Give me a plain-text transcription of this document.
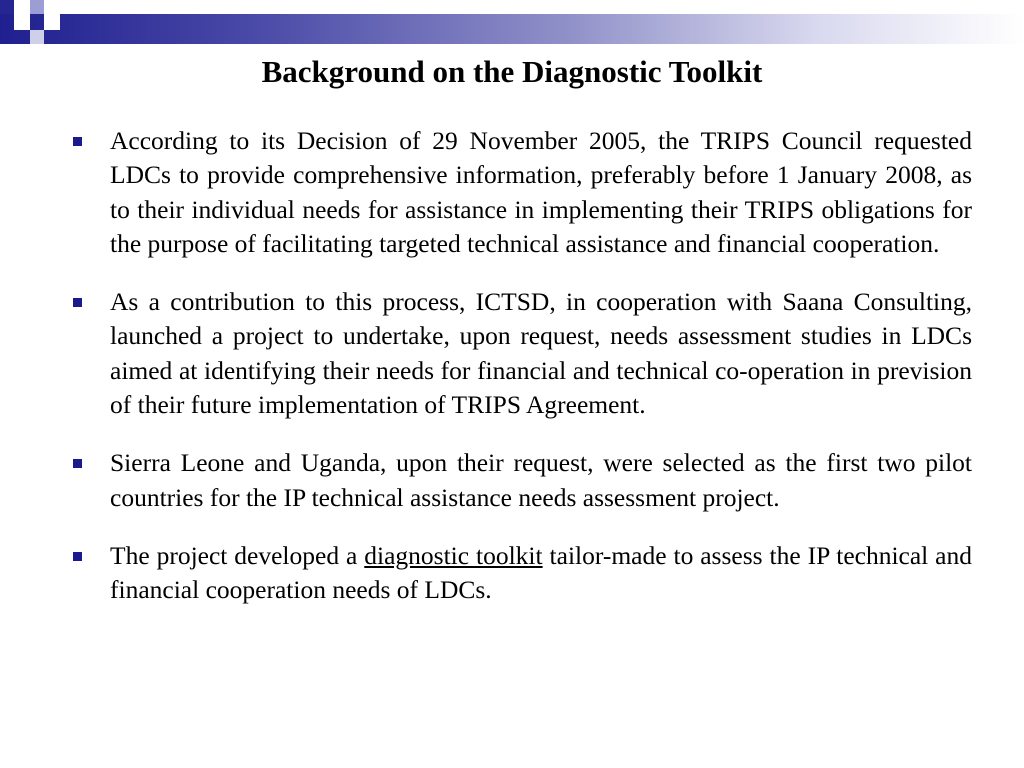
Background on the Diagnostic Toolkit
According to its Decision of 29 November 2005, the TRIPS Council requested LDCs to provide comprehensive information, preferably before 1 January 2008, as to their individual needs for assistance in implementing their TRIPS obligations for the purpose of facilitating targeted technical assistance and financial cooperation.
As a contribution to this process, ICTSD, in cooperation with Saana Consulting, launched a project to undertake, upon request, needs assessment studies in LDCs aimed at identifying their needs for financial and technical co-operation in prevision of their future implementation of TRIPS Agreement.
Sierra Leone and Uganda, upon their request, were selected as the first two pilot countries for the IP technical assistance needs assessment project.
The project developed a diagnostic toolkit tailor-made to assess the IP technical and financial cooperation needs of LDCs.
